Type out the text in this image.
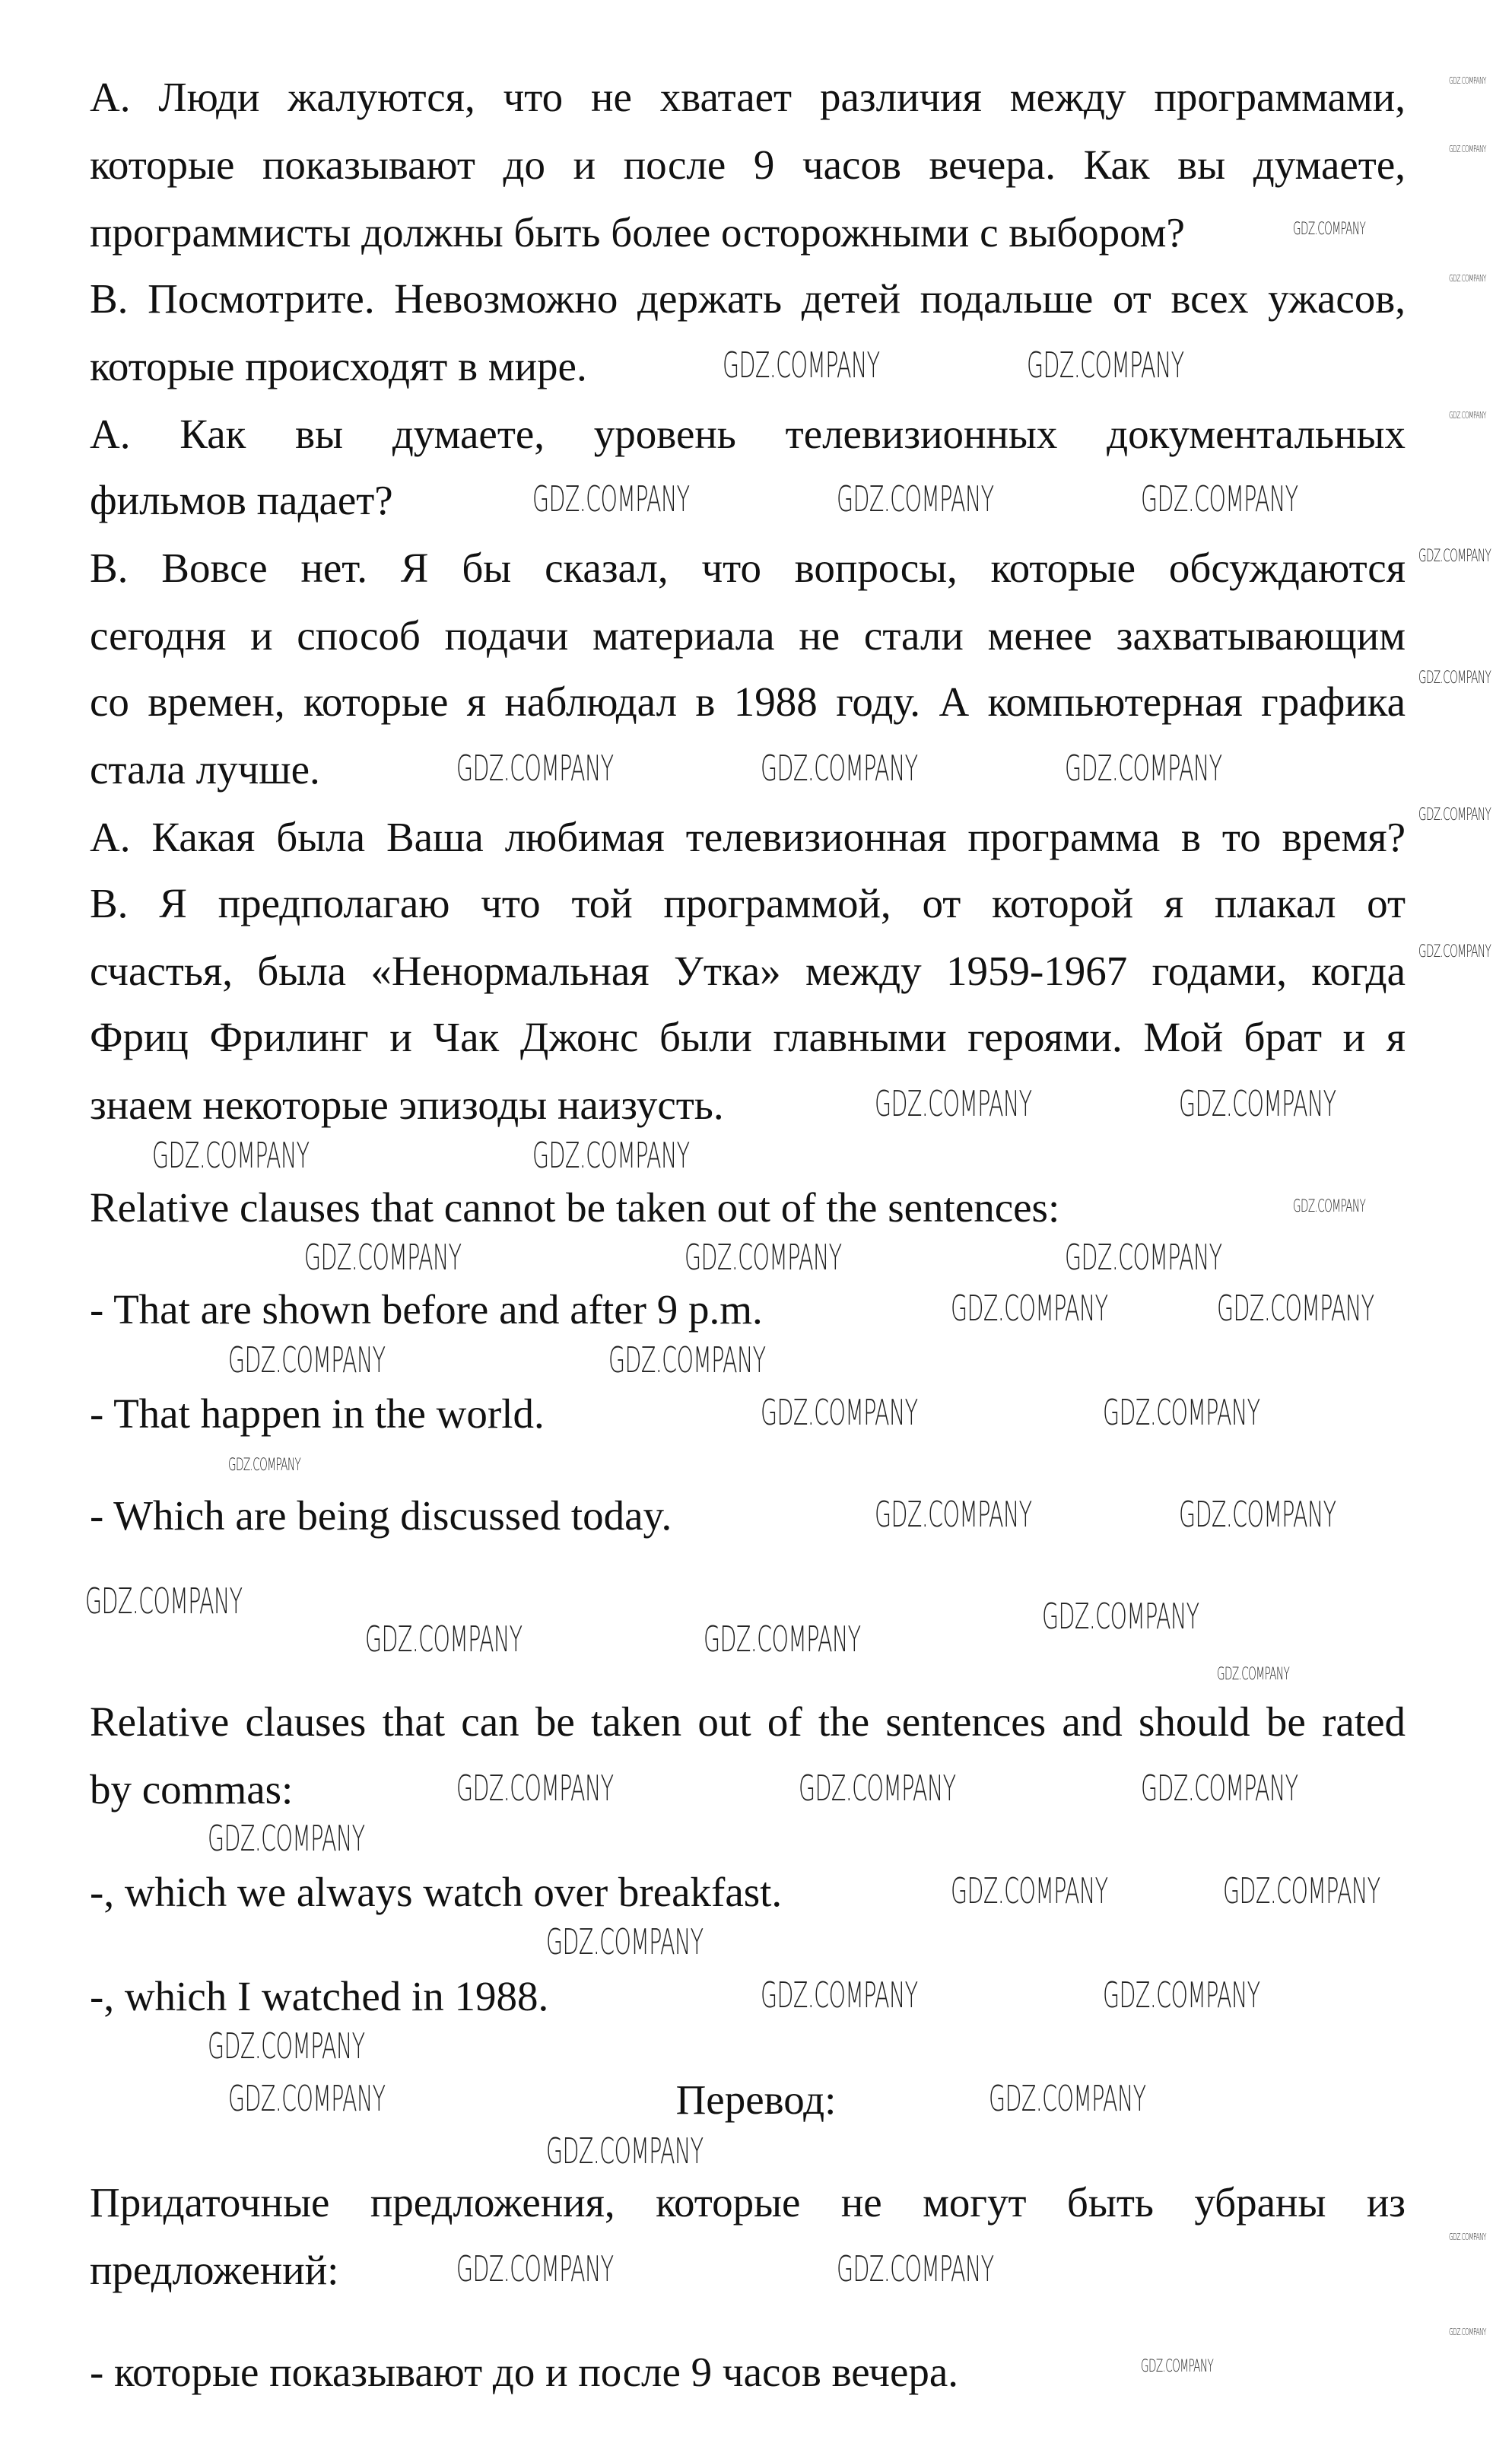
А. Люди жалуются, что не хватает различия между программами,
которые показывают до и после 9 часов вечера. Как вы думаете,
программисты должны быть более осторожными с выбором?
В. Посмотрите. Невозможно держать детей подальше от всех ужасов,
которые происходят в мире.
А. Как вы думаете, уровень телевизионных документальных
фильмов падает?
В. Вовсе нет. Я бы сказал, что вопросы, которые обсуждаются
сегодня и способ подачи материала не стали менее захватывающим
со времен, которые я наблюдал в 1988 году. А компьютерная графика
стала лучше.
А. Какая была Ваша любимая телевизионная программа в то время?
В. Я предполагаю что той программой, от которой я плакал от
счастья, была «Ненормальная Утка» между 1959-1967 годами, когда
Фриц Фрилинг и Чак Джонс были главными героями. Мой брат и я
знаем некоторые эпизоды наизусть.
Relative clauses that cannot be taken out of the sentences:
- That are shown before and after 9 p.m.
- That happen in the world.
- Which are being discussed today.
Relative clauses that can be taken out of the sentences and should be rated
by commas:
-, which we always watch over breakfast.
-, which I watched in 1988.
Перевод:
Придаточные предложения, которые не могут быть убраны из
предложений:
- которые показывают до и после 9 часов вечера.
GDZ.COMPANY
GDZ.COMPANY
GDZ.COMPANY
GDZ.COMPANY
GDZ.COMPANY
GDZ.COMPANY
GDZ.COMPANY
GDZ.COMPANY
GDZ.COMPANY
GDZ.COMPANY	GDZ.COMPANY
GDZ.COMPANY	GDZ.COMPANY	GDZ.COMPANY
GDZ.COMPANY	GDZ.COMPANY	GDZ.COMPANY
GDZ.COMPANY	GDZ.COMPANY
GDZ.COMPANY	GDZ.COMPANY
GDZ.COMPANY
GDZ.COMPANY	GDZ.COMPANY	GDZ.COMPANY
GDZ.COMPANY	GDZ.COMPANY
GDZ.COMPANY	GDZ.COMPANY
GDZ.COMPANY	GDZ.COMPANY
GDZ.COMPANY
GDZ.COMPANY	GDZ.COMPANY
GDZ.COMPANY
GDZ.COMPANY	GDZ.COMPANY
GDZ.COMPANY
GDZ.COMPANY
GDZ.COMPANY	GDZ.COMPANY	GDZ.COMPANY
GDZ.COMPANY
GDZ.COMPANY	GDZ.COMPANY
GDZ.COMPANY
GDZ.COMPANY	GDZ.COMPANY
GDZ.COMPANY
GDZ.COMPANY	GDZ.COMPANY
GDZ.COMPANY
GDZ.COMPANY	GDZ.COMPANY
GDZ.COMPANY
GDZ.COMPANY
GDZ.COMPANY
